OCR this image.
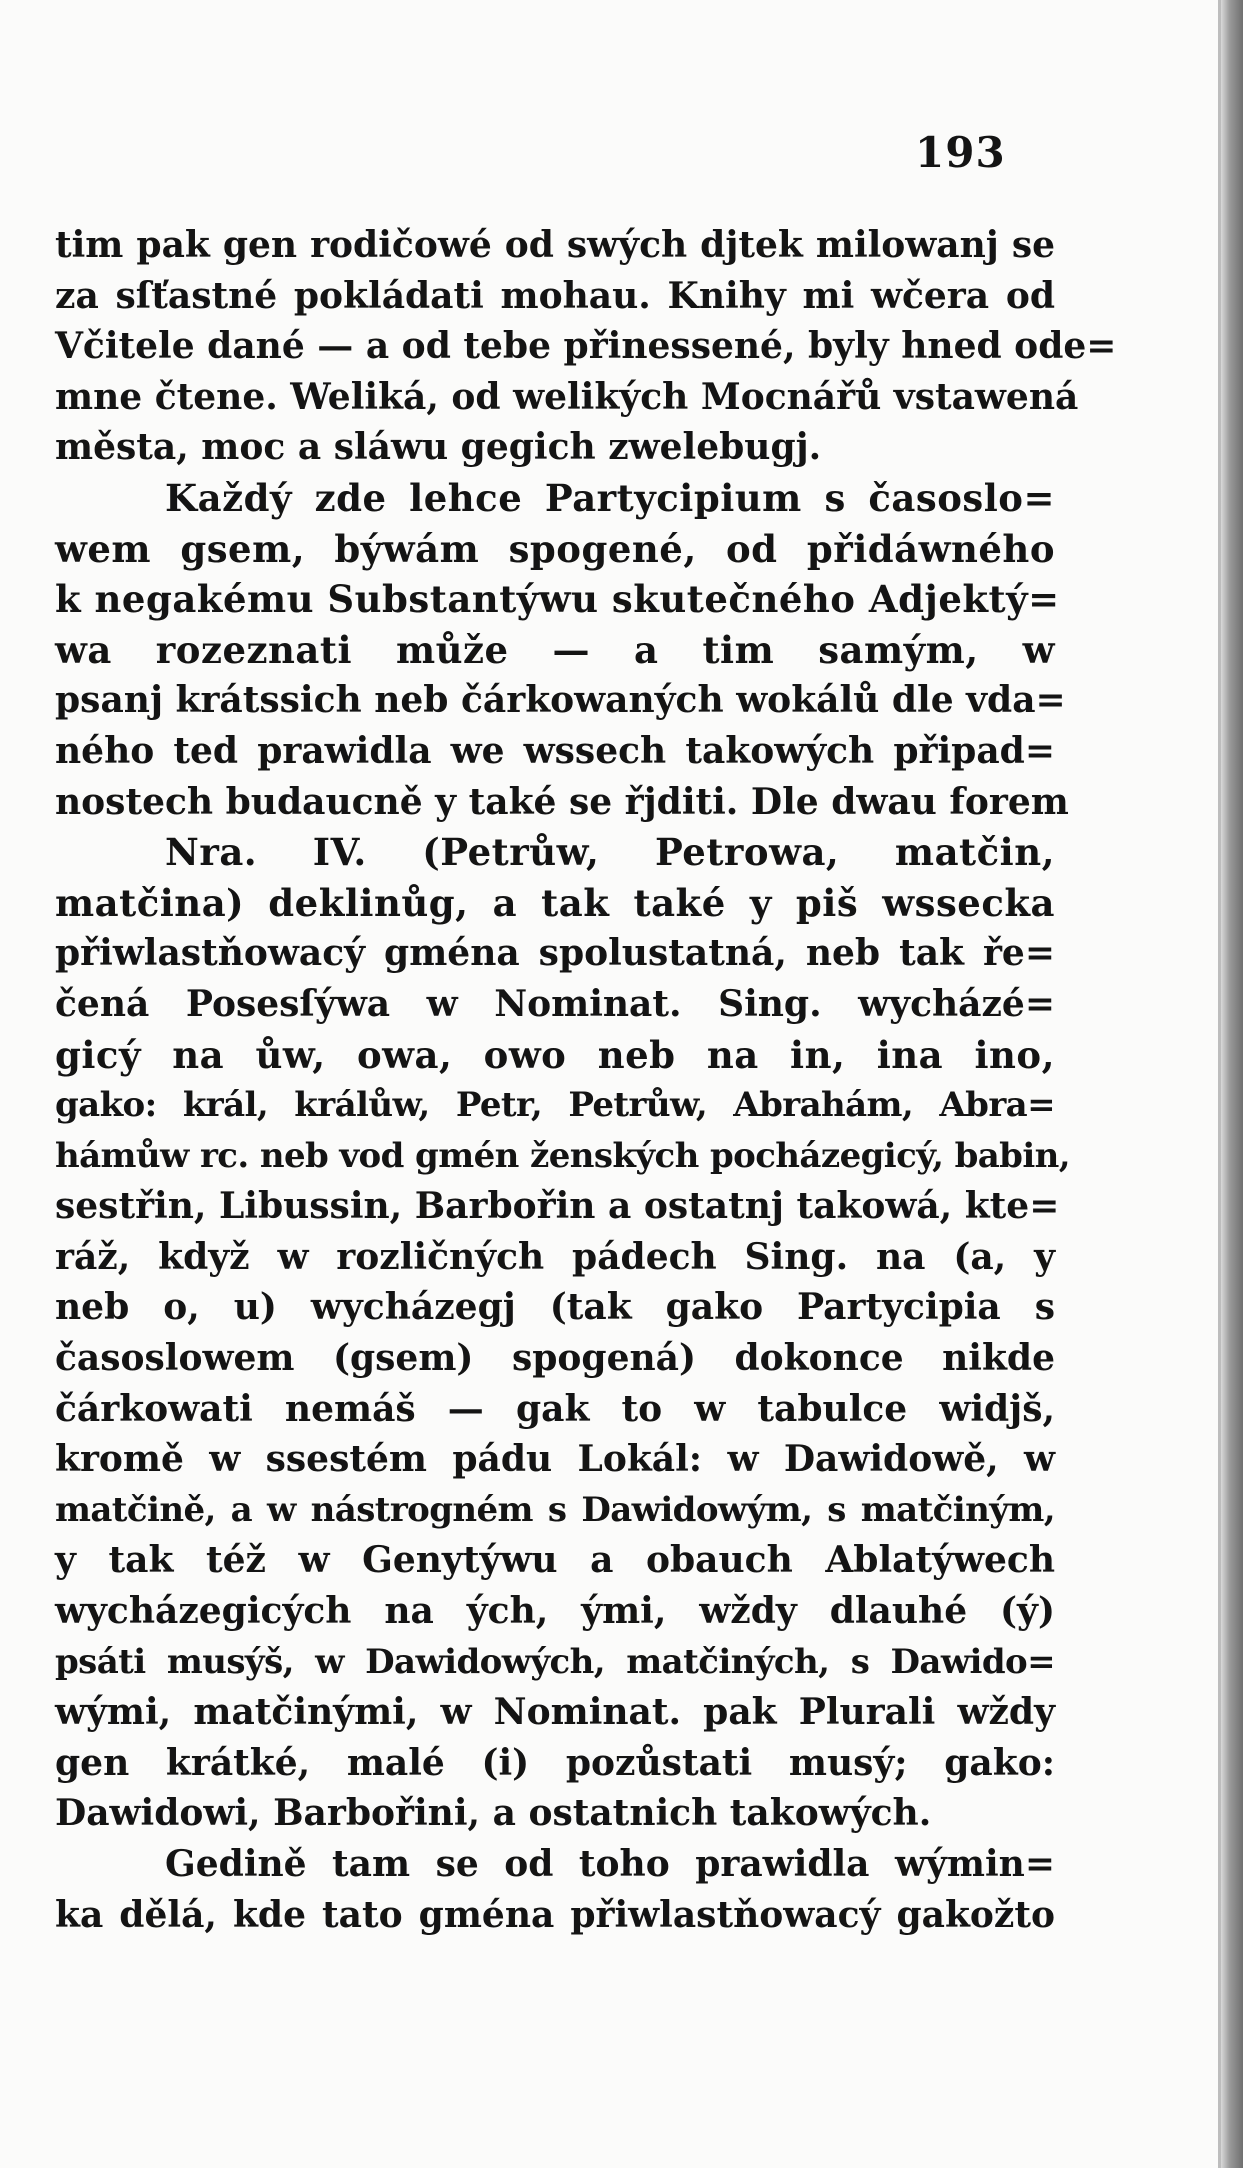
193
tim pak gen rodičowé od swých djtek milowanj se
za sſťastné pokládati mohau. Knihy mi wčera od
Včitele dané — a od tebe přinessené, byly hned ode=
mne čtene. Weliká, od welikých Mocnářů vstawená
města, moc a sláwu gegich zwelebugj.
Každý zde lehce Partycipium s časoslo=
wem gsem, býwám spogené, od přidáwného
k negakému Substantýwu skutečného Adjektý=
wa rozeznati může — a tim samým, w
psanj krátssich neb čárkowaných wokálů dle vda=
ného ted prawidla we wssech takowých připad=
nostech budaucně y také se řjditi. Dle dwau forem
Nra. IV. (Petrůw, Petrowa, matčin,
matčina) deklinůg, a tak také y piš wssecka
přiwlastňowacý gména spolustatná, neb tak ře=
čená Posesſýwa w Nominat. Sing. wycházé=
gicý na ůw, owa, owo neb na in, ina ino,
gako: král, králůw, Petr, Petrůw, Abrahám, Abra=
hámůw rc. neb vod gmén ženských pocházegicý, babin,
sestřin, Libussin, Barbořin a ostatnj takowá, kte=
ráž, když w rozličných pádech Sing. na (a, y
neb o, u) wycházegj (tak gako Partycipia s
časoslowem (gsem) spogená) dokonce nikde
čárkowati nemáš — gak to w tabulce widjš,
kromě w ssestém pádu Lokál: w Dawidowě, w
matčině, a w nástrogném s Dawidowým, s matčiným,
y tak též w Genytýwu a obauch Ablatýwech
wycházegicých na ých, ými, wždy dlauhé (ý)
psáti musýš, w Dawidowých, matčiných, s Dawido=
wými, matčinými, w Nominat. pak Plurali wždy
gen krátké, malé (i) pozůstati musý; gako:
Dawidowi, Barbořini, a ostatnich takowých.
Gedině tam se od toho prawidla wýmin=
ka dělá, kde tato gména přiwlastňowacý gakožto
